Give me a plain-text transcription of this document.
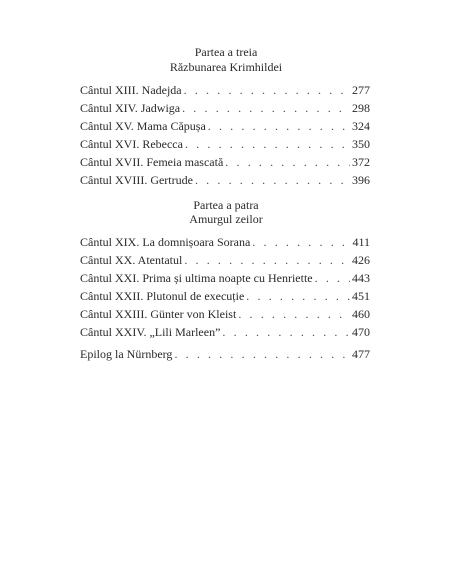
Partea a treia
Răzbunarea Krimhildei
Cântul XIII. Nadejda . . .	277
Cântul XIV. Jadwiga . . .	298
Cântul XV. Mama Căpușa . . .	324
Cântul XVI. Rebecca . . .	350
Cântul XVII. Femeia mascată . . .	372
Cântul XVIII. Gertrude . . .	396
Partea a patra
Amurgul zeilor
Cântul XIX. La domnișoara Sorana . . .	411
Cântul XX. Atentatul . . .	426
Cântul XXI. Prima și ultima noapte cu Henriette . . .	443
Cântul XXII. Plutonul de execuție . . .	451
Cântul XXIII. Günter von Kleist . . .	460
Cântul XXIV. „Lili Marleen” . . .	470
Epilog la Nürnberg . . .	477
